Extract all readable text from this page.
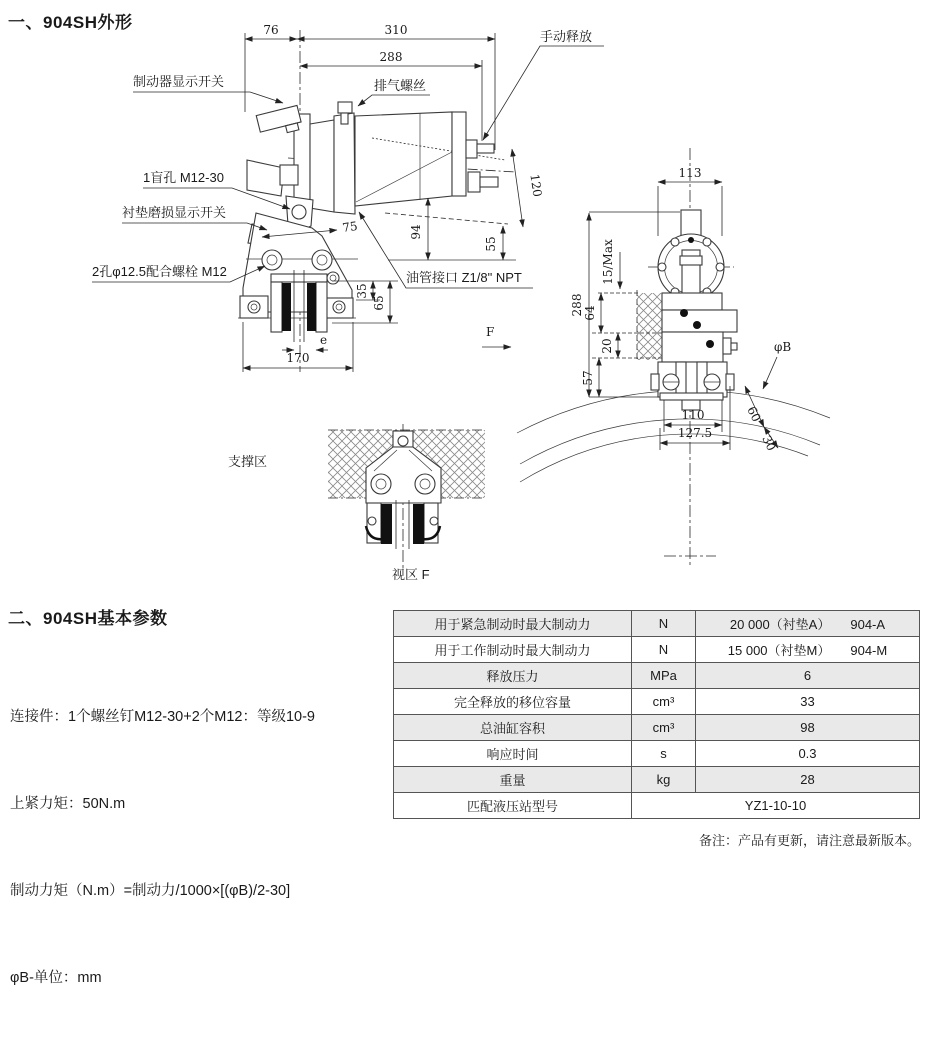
一、904SH外形	76	310
288
94
55
120
75
35
65
e
170
F
制动器显示开关	排气螺丝
手动释放
1盲孔 M12-30
衬垫磨损显示开关
2孔φ12.5配合螺栓 M12	油管接口 Z1/8" NPT
113
288
15/Max
64
20
57
110
127.5
φB
60
30
支撑区
视区 F
二、904SH基本参数

连接件：1个螺丝钉M12-30+2个M12：等级10-9

上紧力矩：50N.m

制动力矩（N.m）=制动力/1000×[(φB)/2-30]

φB-单位：mm

用于紧急制动时最大制动力	N	20 000（衬垫A） 904-A
用于工作制动时最大制动力	N	15 000（衬垫M） 904-M
释放压力	MPa	6
完全释放的移位容量	cm³	33
总油缸容积	cm³	98
响应时间	s	0.3
重量	kg	28
匹配液压站型号	YZ1-10-10	
备注：产品有更新，请注意最新版本。
